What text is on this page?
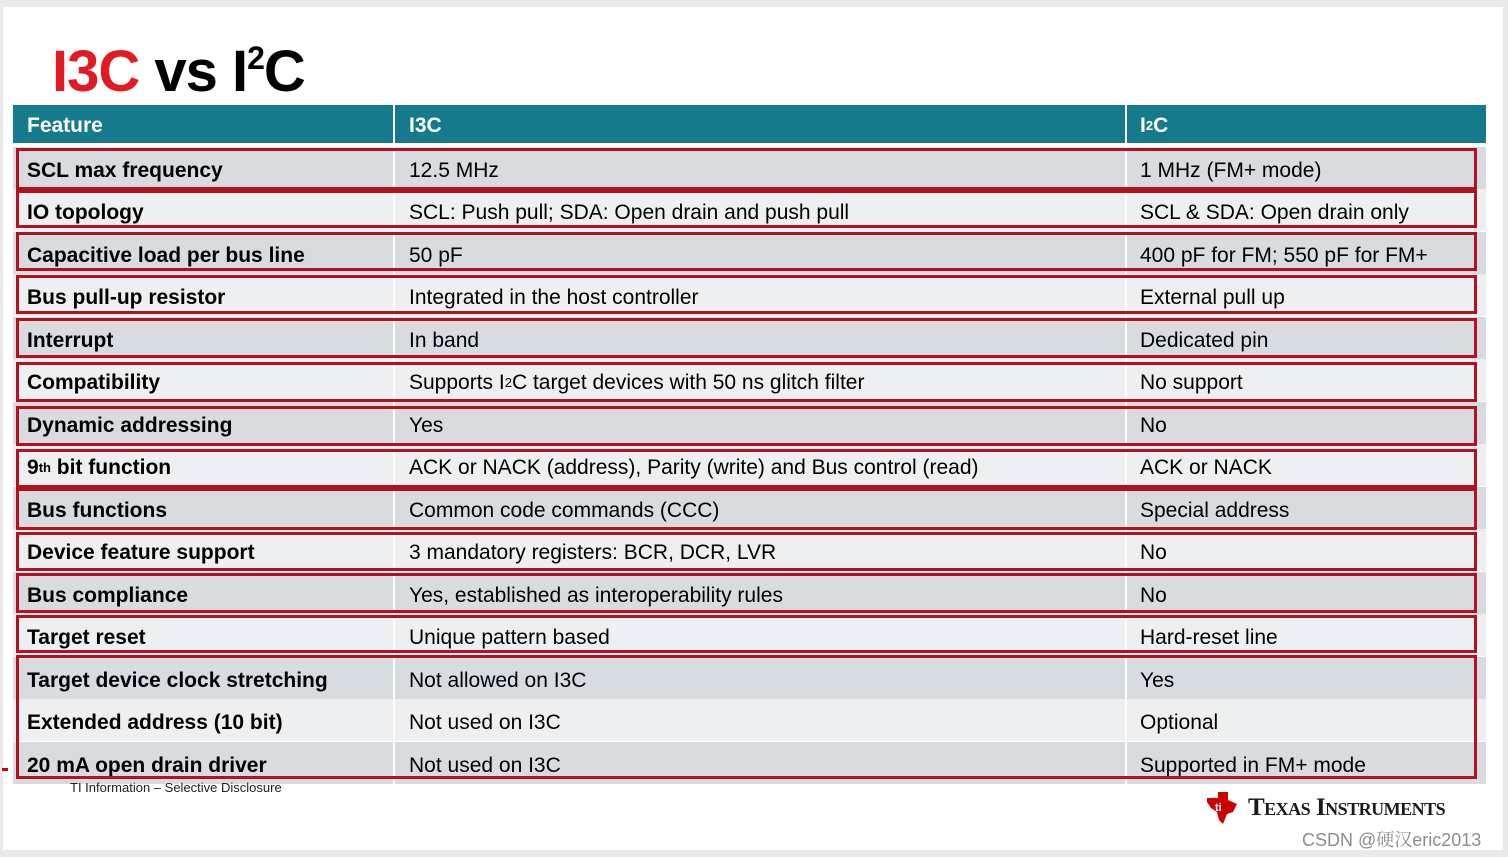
I3C vs $I^2C$
Feature	I3C	I 2 C
SCL max frequency	12.5 MHz	1 MHz (FM+ mode)
IO topology	SCL: Push pull; SDA: Open drain and push pull	SCL & SDA: Open drain only
Capacitive load per bus line	50 pF	400 pF for FM; 550 pF for FM+
Bus pull-up resistor	Integrated in the host controller	External pull up
Interrupt	In band	Dedicated pin
Compatibility	Supports I 2 C target devices with 50 ns glitch filter	No support
Dynamic addressing	Yes	No
9 th bit function	ACK or NACK (address), Parity (write) and Bus control (read)	ACK or NACK
Bus functions	Common code commands (CCC)	Special address
Device feature support	3 mandatory registers: BCR, DCR, LVR	No
Bus compliance	Yes, established as interoperability rules	No
Target reset	Unique pattern based	Hard-reset line
Target device clock stretching	Not allowed on I3C	Yes
Extended address (10 bit)	Not used on I3C	Optional
20 mA open drain driver	Not used on I3C	Supported in FM+ mode
TI Information – Selective Disclosure
ti Texas Instruments
CSDN @硬汉eric2013
